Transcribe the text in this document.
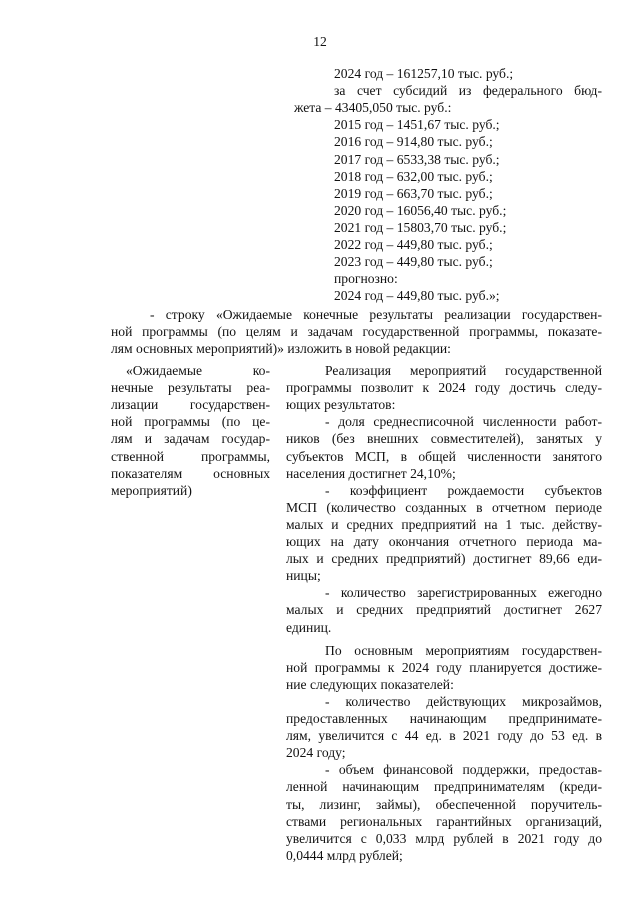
12
2024 год – 161257,10 тыс. руб.;
за счет субсидий из федерального бюд-
жета – 43405,050 тыс. руб.:
2015 год – 1451,67 тыс. руб.;
2016 год – 914,80 тыс. руб.;
2017 год – 6533,38 тыс. руб.;
2018 год – 632,00 тыс. руб.;
2019 год – 663,70 тыс. руб.;
2020 год – 16056,40 тыс. руб.;
2021 год – 15803,70 тыс. руб.;
2022 год – 449,80 тыс. руб.;
2023 год – 449,80 тыс. руб.;
прогнозно:
2024 год – 449,80 тыс. руб.»;
- строку «Ожидаемые конечные результаты реализации государствен-
ной программы (по целям и задачам государственной программы, показате-
лям основных мероприятий)» изложить в новой редакции:
«Ожидаемые ко-
нечные результаты реа-
лизации государствен-
ной программы (по це-
лям и задачам государ-
ственной программы,
показателям основных
мероприятий)
Реализация мероприятий государственной
программы позволит к 2024 году достичь следу-
ющих результатов:
- доля среднесписочной численности работ-
ников (без внешних совместителей), занятых у
субъектов МСП, в общей численности занятого
населения достигнет 24,10%;
- коэффициент рождаемости субъектов
МСП (количество созданных в отчетном периоде
малых и средних предприятий на 1 тыс. действу-
ющих на дату окончания отчетного периода ма-
лых и средних предприятий) достигнет 89,66 еди-
ницы;
- количество зарегистрированных ежегодно
малых и средних предприятий достигнет 2627
единиц.
По основным мероприятиям государствен-
ной программы к 2024 году планируется достиже-
ние следующих показателей:
- количество действующих микрозаймов,
предоставленных начинающим предпринимате-
лям, увеличится с 44 ед. в 2021 году до 53 ед. в
2024 году;
- объем финансовой поддержки, предостав-
ленной начинающим предпринимателям (креди-
ты, лизинг, займы), обеспеченной поручитель-
ствами региональных гарантийных организаций,
увеличится с 0,033 млрд рублей в 2021 году до
0,0444 млрд рублей;
